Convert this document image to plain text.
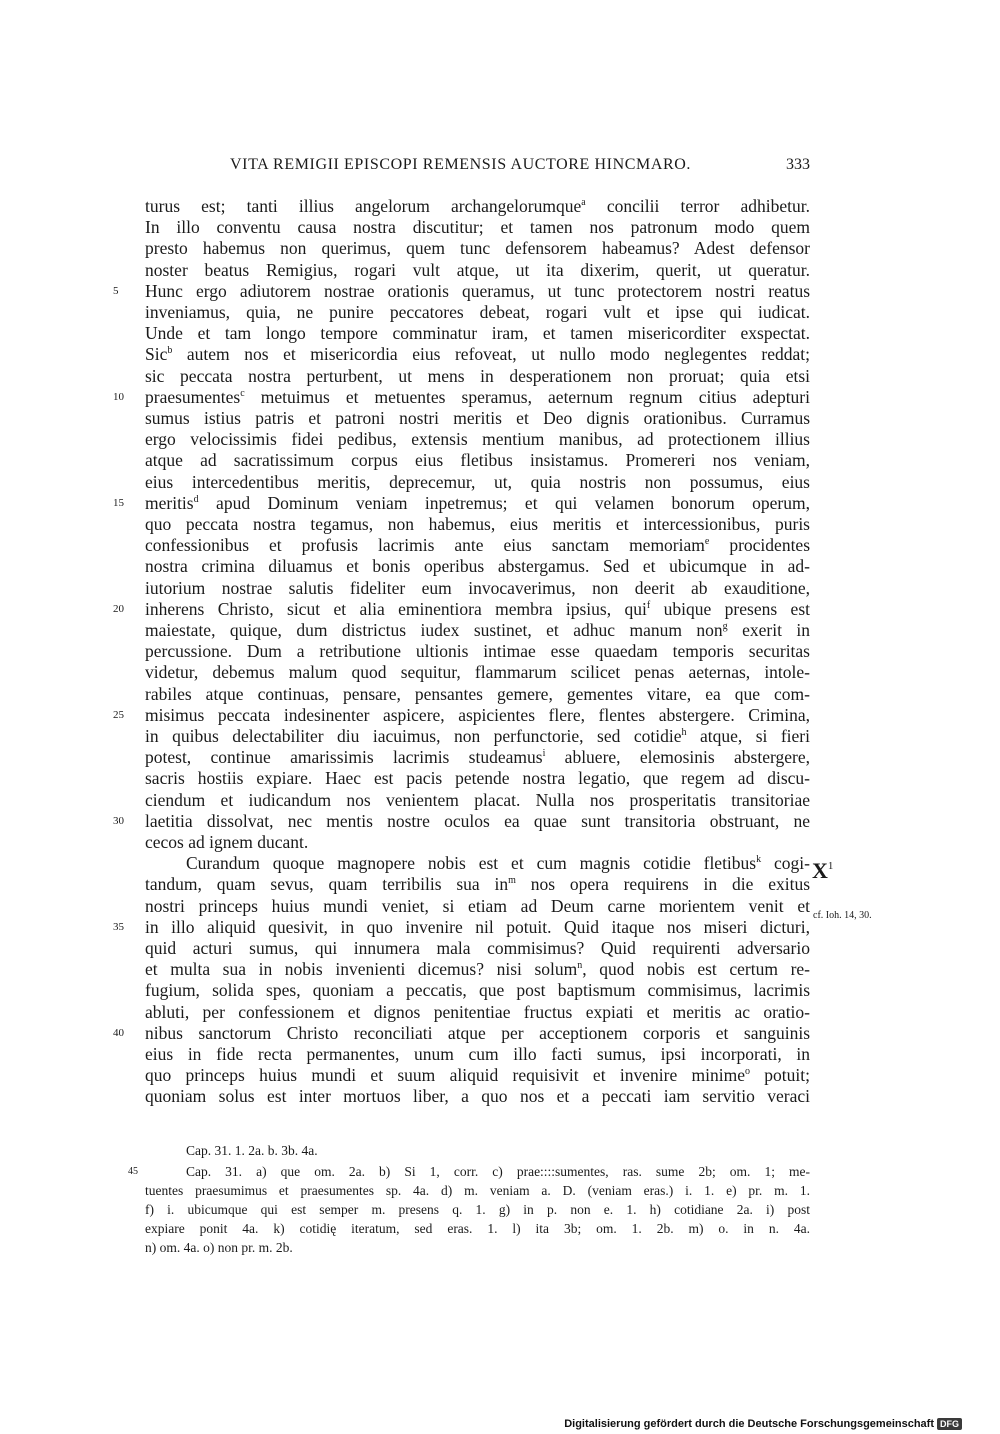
VITA REMIGII EPISCOPI REMENSIS AUCTORE HINCMARO.	333
turus est; tanti illius angelorum archangelorumque$^a$ concilii terror adhibetur.
In illo conventu causa nostra discutitur; et tamen nos patronum modo quem
presto habemus non querimus, quem tunc defensorem habeamus? Adest defensor
noster beatus Remigius, rogari vult atque, ut ita dixerim, querit, ut queratur.
Hunc ergo adiutorem nostrae orationis queramus, ut tunc protectorem nostri reatus
5
inveniamus, quia, ne punire peccatores debeat, rogari vult et ipse qui iudicat.
Unde et tam longo tempore comminatur iram, et tamen misericorditer exspectat.
Sic$^b$ autem nos et misericordia eius refoveat, ut nullo modo neglegentes reddat;
sic peccata nostra perturbent, ut mens in desperationem non proruat; quia etsi
praesumentes$^c$ metuimus et metuentes speramus, aeternum regnum citius adepturi
10
sumus istius patris et patroni nostri meritis et Deo dignis orationibus. Curramus
ergo velocissimis fidei pedibus, extensis mentium manibus, ad protectionem illius
atque ad sacratissimum corpus eius fletibus insistamus. Promereri nos veniam,
eius intercedentibus meritis, deprecemur, ut, quia nostris non possumus, eius
meritis$^d$ apud Dominum veniam inpetremus; et qui velamen bonorum operum,
15
quo peccata nostra tegamus, non habemus, eius meritis et intercessionibus, puris
confessionibus et profusis lacrimis ante eius sanctam memoriam$^e$ procidentes
nostra crimina diluamus et bonis operibus abstergamus. Sed et ubicumque in ad-
iutorium nostrae salutis fideliter eum invocaverimus, non deerit ab exauditione,
inherens Christo, sicut et alia eminentiora membra ipsius, qui$^f$ ubique presens est
20
maiestate, quique, dum districtus iudex sustinet, et adhuc manum non$^g$ exerit in
percussione. Dum a retributione ultionis intimae esse quaedam temporis securitas
videtur, debemus malum quod sequitur, flammarum scilicet penas aeternas, intole-
rabiles atque continuas, pensare, pensantes gemere, gementes vitare, ea que com-
misimus peccata indesinenter aspicere, aspicientes flere, flentes abstergere. Crimina,
25
in quibus delectabiliter diu iacuimus, non perfunctorie, sed cotidie$^h$ atque, si fieri
potest, continue amarissimis lacrimis studeamus$^i$ abluere, elemosinis abstergere,
sacris hostiis expiare. Haec est pacis petende nostra legatio, que regem ad discu-
ciendum et iudicandum nos venientem placat. Nulla nos prosperitatis transitoriae
laetitia dissolvat, nec mentis nostre oculos ea quae sunt transitoria obstruant, ne
30
cecos ad ignem ducant.
Curandum quoque magnopere nobis est et cum magnis cotidie fletibus$^k$ cogi-
tandum, quam sevus, quam terribilis sua $in^m$ nos opera requirens in die exitus
nostri princeps huius mundi veniet, si etiam ad Deum carne morientem venit et
in illo aliquid quesivit, in quo invenire nil potuit. Quid itaque nos miseri dicturi,
35
quid acturi sumus, qui innumera mala commisimus? Quid requirenti adversario
et multa sua in nobis invenienti dicemus? nisi solum$^n$, quod nobis est certum re-
fugium, solida spes, quoniam a peccatis, que post baptismum commisimus, lacrimis
abluti, per confessionem et dignos penitentiae fructus expiati et meritis ac oratio-
nibus sanctorum Christo reconciliati atque per acceptionem corporis et sanguinis
40
eius in fide recta permanentes, unum cum illo facti sumus, ipsi incorporati, in
quo princeps huius mundi et suum aliquid requisivit et invenire minime$^o$ potuit;
quoniam solus est inter mortuos liber, a quo nos et a peccati iam servitio veraci
$X^1$
cf. Ioh. 14, 30.
Cap. 31. 1. 2a. b. 3b. 4a.
45	Cap. 31. a) que om. 2a. b) Si 1, corr. c) prae::::sumentes, ras. sume 2b; om. 1; me-
tuentes praesumimus et praesumentes sp. 4a. d) m. veniam a. D. (veniam eras.) i. 1. e) pr. m. 1.
f) i. ubicumque qui est semper m. presens q. 1. g) in p. non e. 1. h) cotidiane 2a. i) post
expiare ponit 4a. k) cotidię iteratum, sed eras. 1. l) ita 3b; om. 1. 2b. m) o. in n. 4a.
n) om. 4a. o) non pr. m. 2b.
Digitalisierung gefördert durch die Deutsche Forschungsgemeinschaft DFG
